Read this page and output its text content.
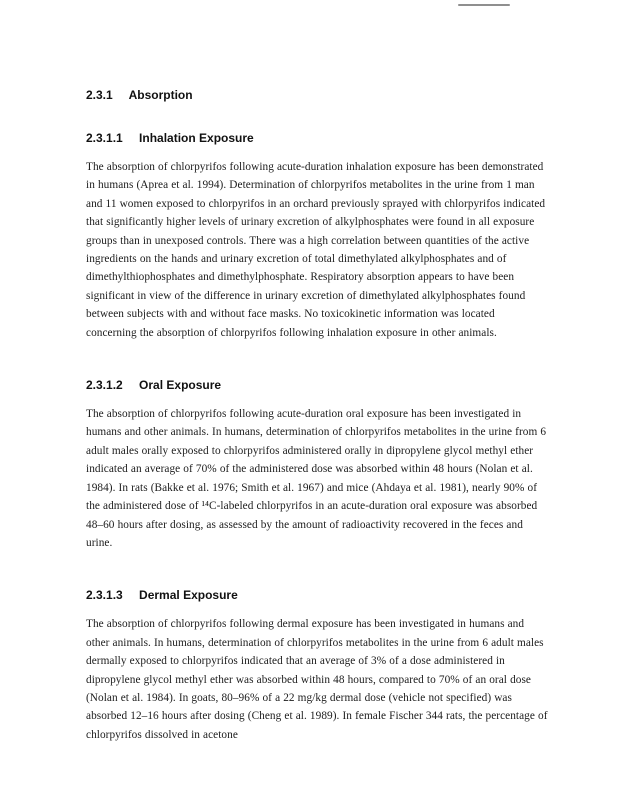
2.3.1 Absorption
2.3.1.1 Inhalation Exposure

The absorption of chlorpyrifos following acute-duration inhalation exposure has been demonstrated in humans (Aprea et al. 1994). Determination of chlorpyrifos metabolites in the urine from 1 man and 11 women exposed to chlorpyrifos in an orchard previously sprayed with chlorpyrifos indicated that significantly higher levels of urinary excretion of alkylphosphates were found in all exposure groups than in unexposed controls. There was a high correlation between quantities of the active ingredients on the hands and urinary excretion of total dimethylated alkylphosphates and of dimethylthiophosphates and dimethylphosphate. Respiratory absorption appears to have been significant in view of the difference in urinary excretion of dimethylated alkylphosphates found between subjects with and without face masks. No toxicokinetic information was located concerning the absorption of chlorpyrifos following inhalation exposure in other animals.

2.3.1.2 Oral Exposure

The absorption of chlorpyrifos following acute-duration oral exposure has been investigated in humans and other animals. In humans, determination of chlorpyrifos metabolites in the urine from 6 adult males orally exposed to chlorpyrifos administered orally in dipropylene glycol methyl ether indicated an average of 70% of the administered dose was absorbed within 48 hours (Nolan et al. 1984). In rats (Bakke et al. 1976; Smith et al. 1967) and mice (Ahdaya et al. 1981), nearly 90% of the administered dose of ¹⁴C-labeled chlorpyrifos in an acute-duration oral exposure was absorbed 48–60 hours after dosing, as assessed by the amount of radioactivity recovered in the feces and urine.

2.3.1.3 Dermal Exposure

The absorption of chlorpyrifos following dermal exposure has been investigated in humans and other animals. In humans, determination of chlorpyrifos metabolites in the urine from 6 adult males dermally exposed to chlorpyrifos indicated that an average of 3% of a dose administered in dipropylene glycol methyl ether was absorbed within 48 hours, compared to 70% of an oral dose (Nolan et al. 1984). In goats, 80–96% of a 22 mg/kg dermal dose (vehicle not specified) was absorbed 12–16 hours after dosing (Cheng et al. 1989). In female Fischer 344 rats, the percentage of chlorpyrifos dissolved in acetone
